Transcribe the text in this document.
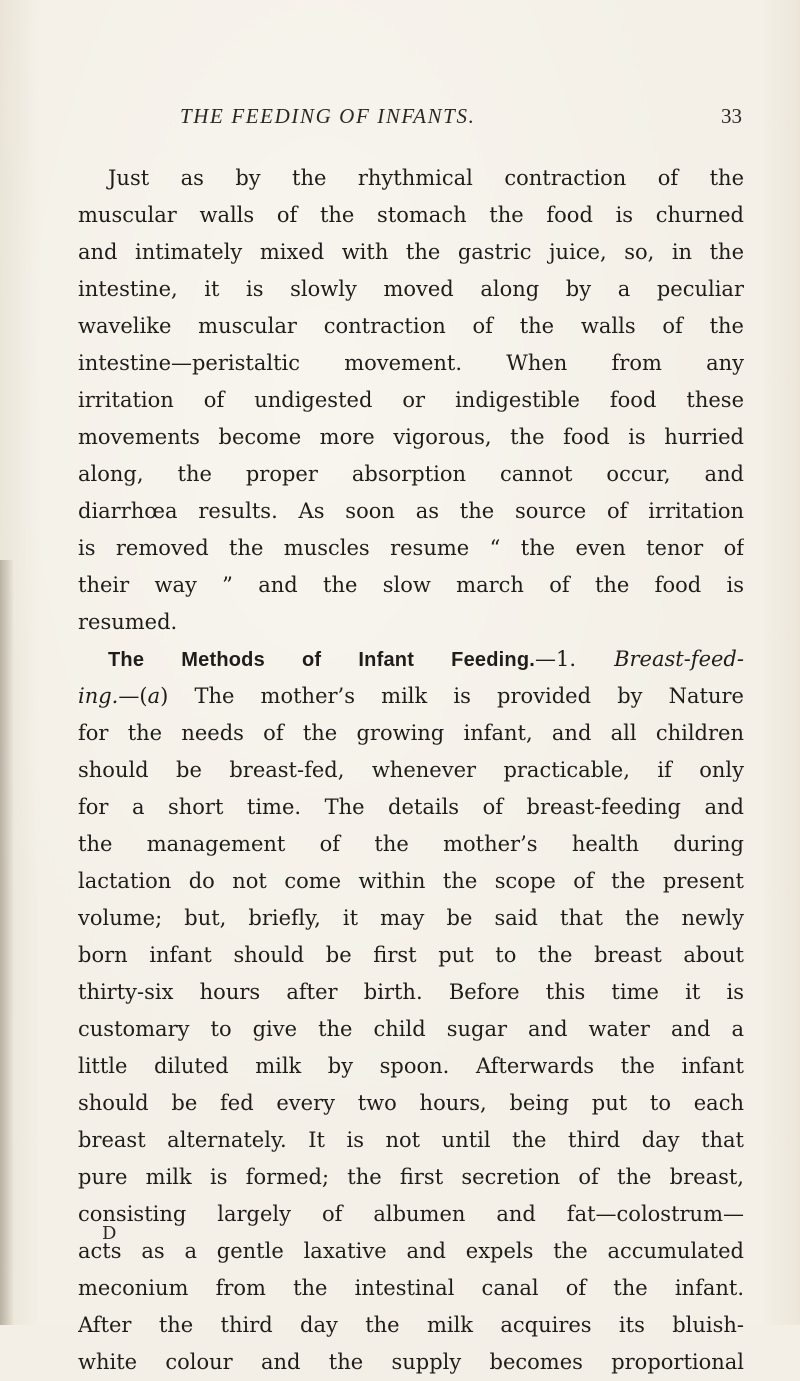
THE FEEDING OF INFANTS.	33
Just as by the rhythmical contraction of the
muscular walls of the stomach the food is churned
and intimately mixed with the gastric juice, so, in the
intestine, it is slowly moved along by a peculiar
wavelike muscular contraction of the walls of the
intestine—peristaltic movement. When from any
irritation of undigested or indigestible food these
movements become more vigorous, the food is hurried
along, the proper absorption cannot occur, and
diarrhœa results. As soon as the source of irritation
is removed the muscles resume “ the even tenor of
their way ” and the slow march of the food is
resumed.
The Methods of Infant Feeding.—1. Breast-feed-
ing.—(a) The mother’s milk is provided by Nature
for the needs of the growing infant, and all children
should be breast-fed, whenever practicable, if only
for a short time. The details of breast-feeding and
the management of the mother’s health during
lactation do not come within the scope of the present
volume; but, briefly, it may be said that the newly
born infant should be first put to the breast about
thirty-six hours after birth. Before this time it is
customary to give the child sugar and water and a
little diluted milk by spoon. Afterwards the infant
should be fed every two hours, being put to each
breast alternately. It is not until the third day that
pure milk is formed; the first secretion of the breast,
consisting largely of albumen and fat—colostrum—
acts as a gentle laxative and expels the accumulated
meconium from the intestinal canal of the infant.
After the third day the milk acquires its bluish-
white colour and the supply becomes proportional
D
